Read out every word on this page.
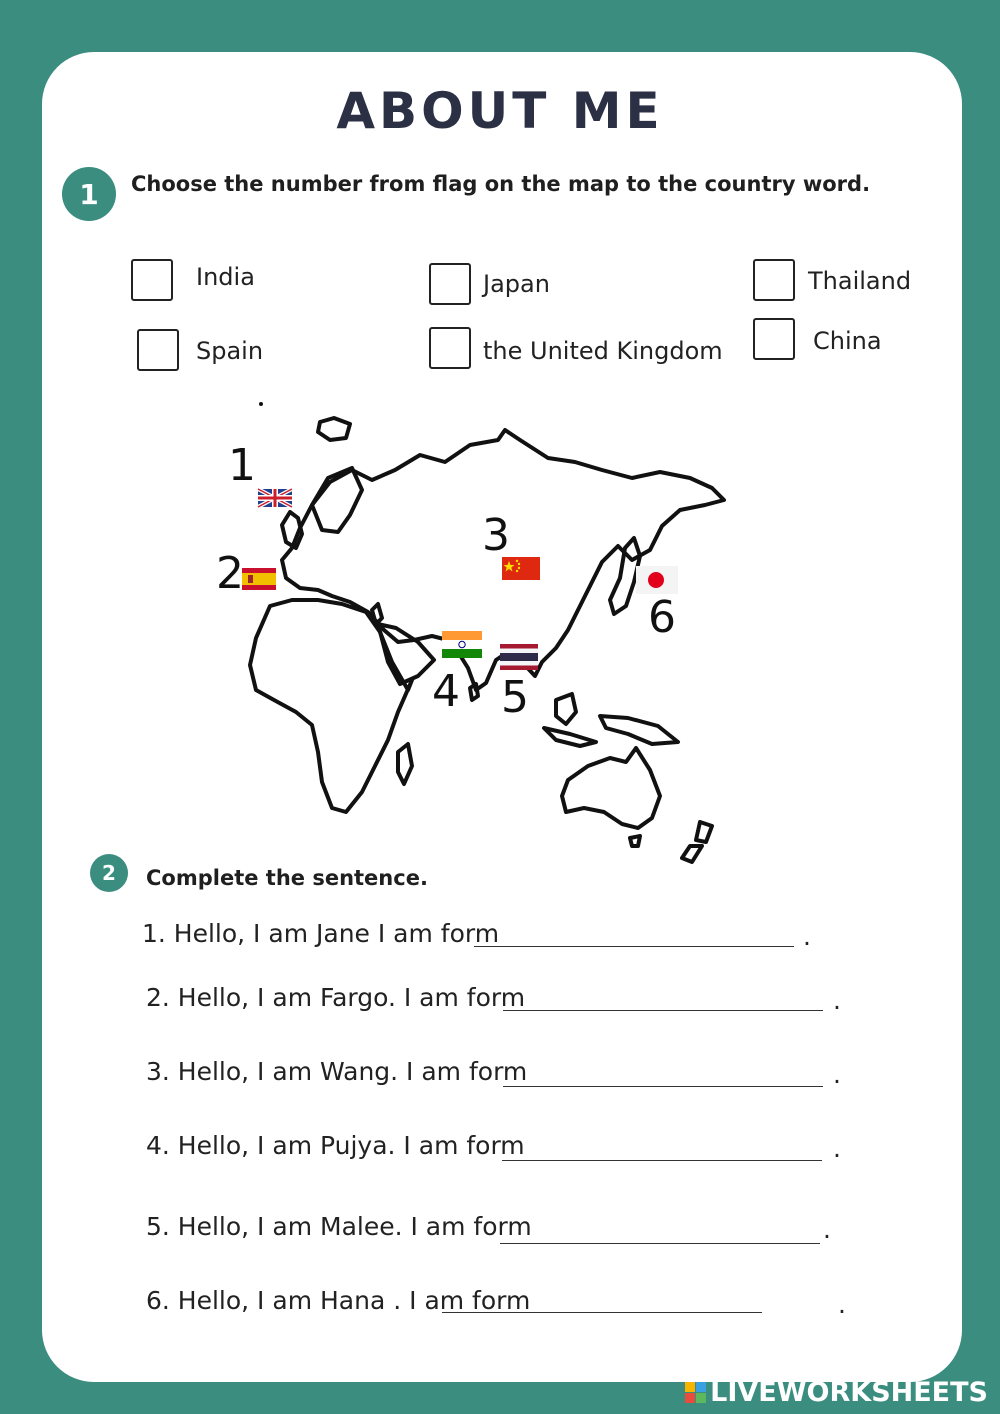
ABOUT ME
1	Choose the number from flag on the map to the country word.
India	Japan	Thailand
Spain	the United Kingdom	China
1
2
3
4 5
6
2	Complete the sentence.
1. Hello, I am Jane I am form	.
2. Hello, I am Fargo. I am form	.
3. Hello, I am Wang. I am form	.
4. Hello, I am Pujya. I am form	.
5. Hello, I am Malee. I am form	.
6. Hello, I am Hana . I am form	.
LIVEWORKSHEETS
